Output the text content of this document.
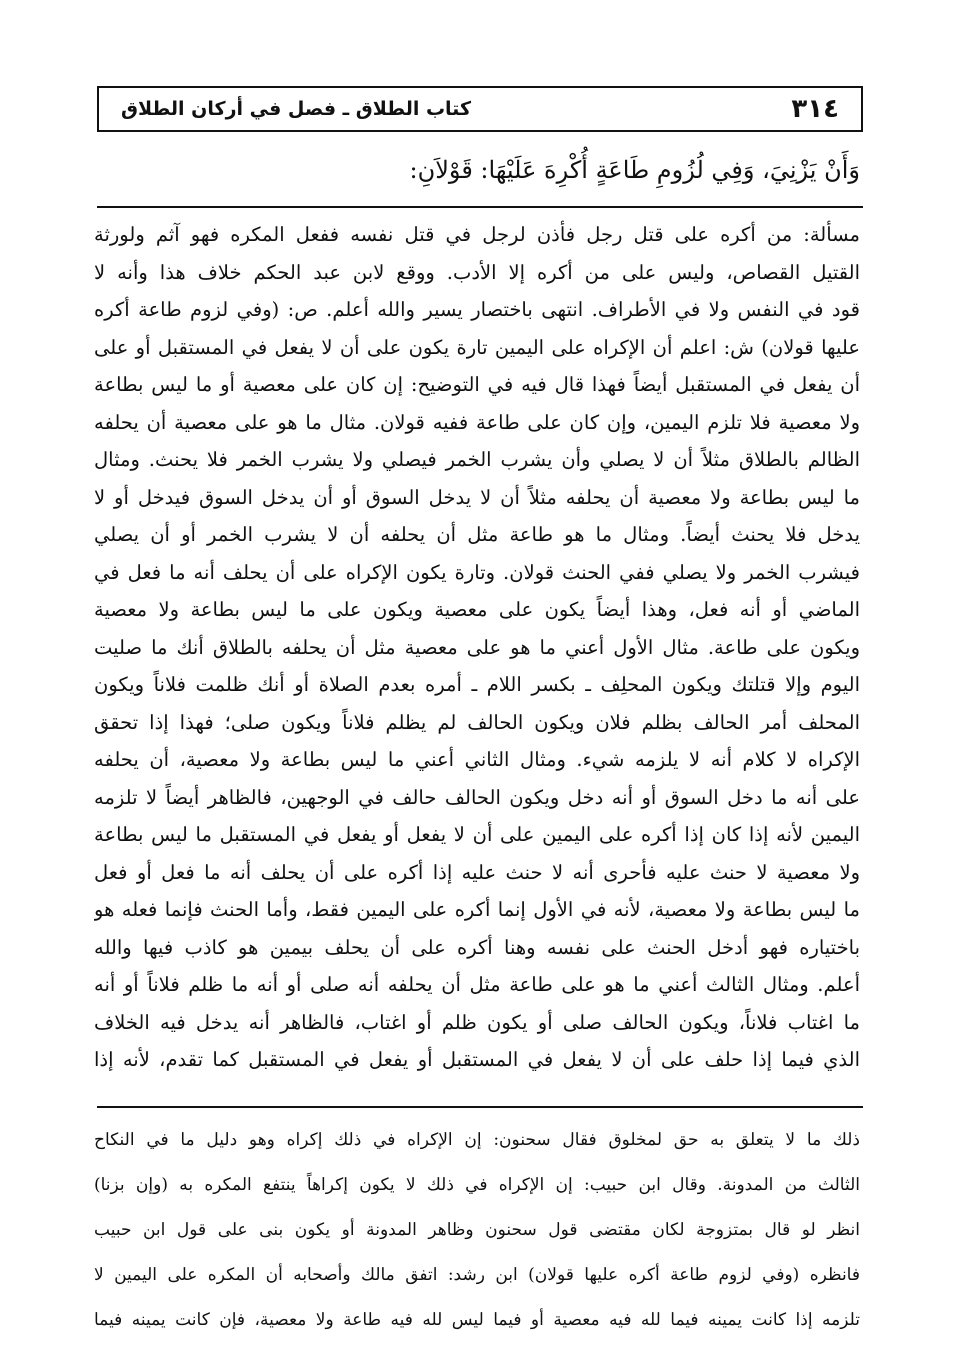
٣١٤
كتاب الطلاق ـ فصل في أركان الطلاق
وَأَنْ يَزْنِيَ، وَفِي لُزُومِ طَاعَةٍ أُكْرِهَ عَلَيْهَا: قَوْلاَنِ:
مسألة: من أكره على قتل رجل فأذن لرجل في قتل نفسه ففعل المكره فهو آثم ولورثة
القتيل القصاص، وليس على من أكره إلا الأدب. ووقع لابن عبد الحكم خلاف هذا وأنه لا
قود في النفس ولا في الأطراف. انتهى باختصار يسير والله أعلم. ص: (وفي لزوم طاعة أكره
عليها قولان) ش: اعلم أن الإكراه على اليمين تارة يكون على أن لا يفعل في المستقبل أو على
أن يفعل في المستقبل أيضاً فهذا قال فيه في التوضيح: إن كان على معصية أو ما ليس بطاعة
ولا معصية فلا تلزم اليمين، وإن كان على طاعة ففيه قولان. مثال ما هو على معصية أن يحلفه
الظالم بالطلاق مثلاً أن لا يصلي وأن يشرب الخمر فيصلي ولا يشرب الخمر فلا يحنث. ومثال
ما ليس بطاعة ولا معصية أن يحلفه مثلاً أن لا يدخل السوق أو أن يدخل السوق فيدخل أو لا
يدخل فلا يحنث أيضاً. ومثال ما هو طاعة مثل أن يحلفه أن لا يشرب الخمر أو أن يصلي
فيشرب الخمر ولا يصلي ففي الحنث قولان. وتارة يكون الإكراه على أن يحلف أنه ما فعل في
الماضي أو أنه فعل، وهذا أيضاً يكون على معصية ويكون على ما ليس بطاعة ولا معصية
ويكون على طاعة. مثال الأول أعني ما هو على معصية مثل أن يحلفه بالطلاق أنك ما صليت
اليوم وإلا قتلتك ويكون المحلِف ـ بكسر اللام ـ أمره بعدم الصلاة أو أنك ظلمت فلاناً ويكون
المحلف أمر الحالف بظلم فلان ويكون الحالف لم يظلم فلاناً ويكون صلى؛ فهذا إذا تحقق
الإكراه لا كلام أنه لا يلزمه شيء. ومثال الثاني أعني ما ليس بطاعة ولا معصية، أن يحلفه
على أنه ما دخل السوق أو أنه دخل ويكون الحالف حالف في الوجهين، فالظاهر أيضاً لا تلزمه
اليمين لأنه إذا كان إذا أكره على اليمين على أن لا يفعل أو يفعل في المستقبل ما ليس بطاعة
ولا معصية لا حنث عليه فأحرى أنه لا حنث عليه إذا أكره على أن يحلف أنه ما فعل أو فعل
ما ليس بطاعة ولا معصية، لأنه في الأول إنما أكره على اليمين فقط، وأما الحنث فإنما فعله هو
باختياره فهو أدخل الحنث على نفسه وهنا أكره على أن يحلف بيمين هو كاذب فيها والله
أعلم. ومثال الثالث أعني ما هو على طاعة مثل أن يحلفه أنه صلى أو أنه ما ظلم فلاناً أو أنه
ما اغتاب فلاناً، ويكون الحالف صلى أو يكون ظلم أو اغتاب، فالظاهر أنه يدخل فيه الخلاف
الذي فيما إذا حلف على أن لا يفعل في المستقبل أو يفعل في المستقبل كما تقدم، لأنه إذا
ذلك ما لا يتعلق به حق لمخلوق فقال سحنون: إن الإكراه في ذلك إكراه وهو دليل ما في النكاح
الثالث من المدونة. وقال ابن حبيب: إن الإكراه في ذلك لا يكون إكراهاً ينتفع المكره به (وإن بزنا)
انظر لو قال بمتزوجة لكان مقتضى قول سحنون وظاهر المدونة أو يكون بنى على قول ابن حبيب
فانظره (وفي لزوم طاعة أكره عليها قولان) ابن رشد: اتفق مالك وأصحابه أن المكره على اليمين لا
تلزمه إذا كانت يمينه فيما لله فيه معصية أو فيما ليس لله فيه طاعة ولا معصية، فإن كانت يمينه فيما
